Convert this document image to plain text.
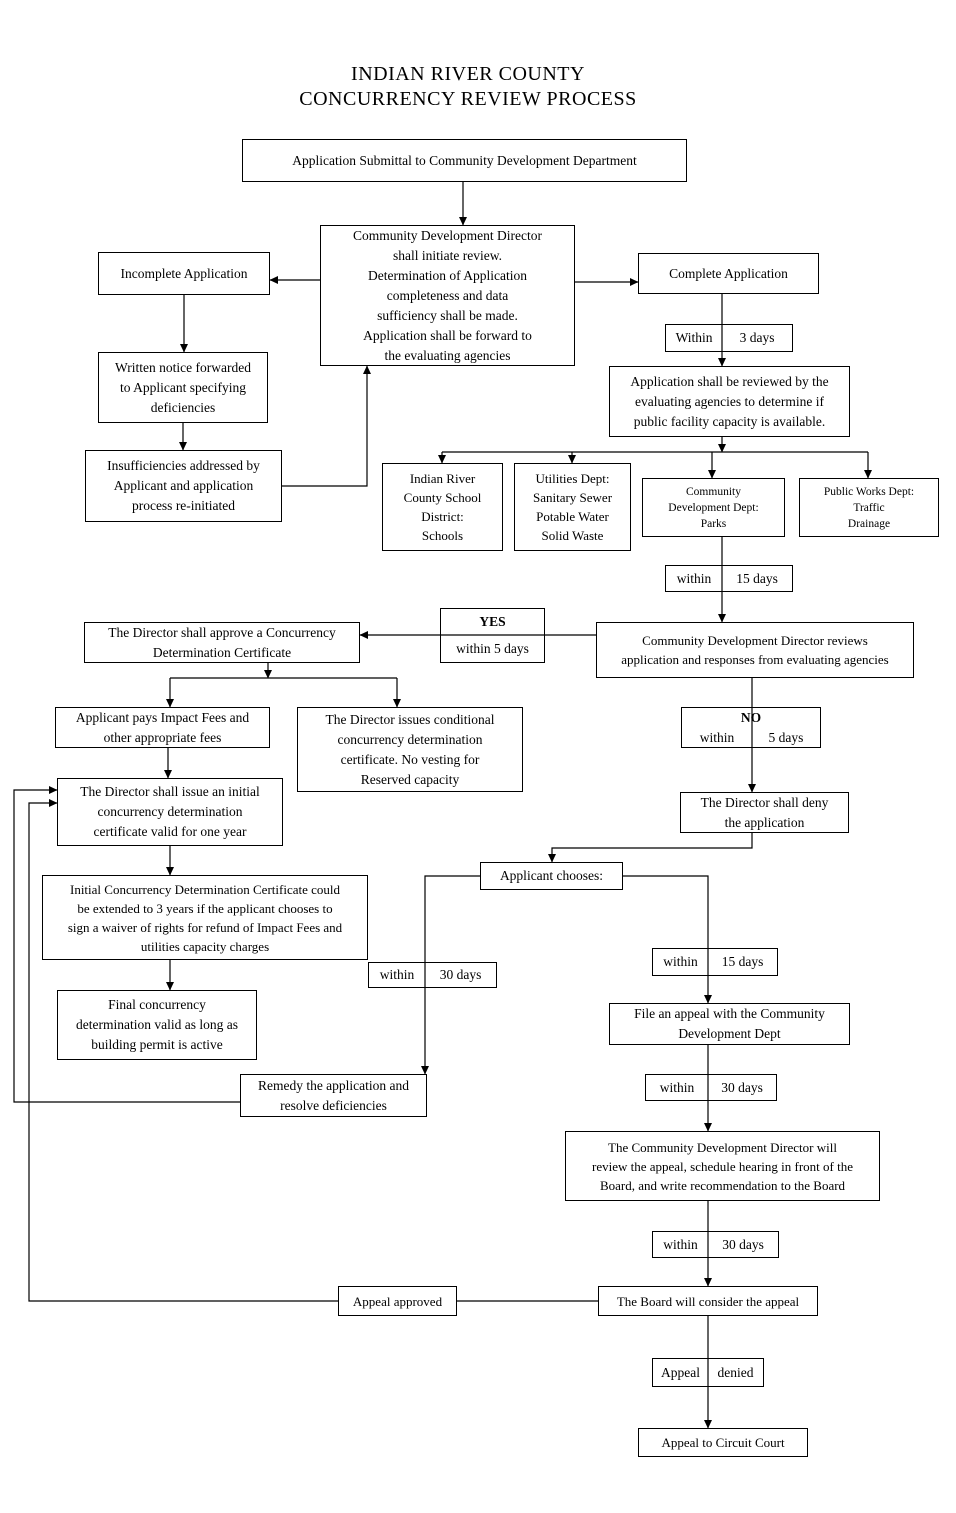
INDIAN RIVER COUNTY
CONCURRENCY REVIEW PROCESS
Application Submittal to Community Development Department
Community Development Director
shall initiate review.
Determination of Application
completeness and data
sufficiency shall be made.
Application shall be forward to
the evaluating agencies
Incomplete Application	Complete Application
Within	3 days
Written notice forwarded
to Applicant specifying
deficiencies
Application shall be reviewed by the
evaluating agencies to determine if
public facility capacity is available.
Insufficiencies addressed by
Applicant and application
process re-initiated
Indian River
County School
District:
Schools
Utilities Dept:
Sanitary Sewer
Potable Water
Solid Waste
Community
Development Dept:
Parks
Public Works Dept:
Traffic
Drainage
within	15 days
YES
within 5 days
The Director shall approve a Concurrency
Determination Certificate
Community Development Director reviews
application and responses from evaluating agencies
NO
within	5 days
Applicant pays Impact Fees and
other appropriate fees
The Director issues conditional
concurrency determination
certificate. No vesting for
Reserved capacity
The Director shall issue an initial
concurrency determination
certificate valid for one year
The Director shall deny
the application
Applicant chooses:
Initial Concurrency Determination Certificate could
be extended to 3 years if the applicant chooses to
sign a waiver of rights for refund of Impact Fees and
utilities capacity charges
within	15 days
within	30 days
Final concurrency
determination valid as long as
building permit is active
File an appeal with the Community
Development Dept
Remedy the application and
resolve deficiencies
within	30 days
The Community Development Director will
review the appeal, schedule hearing in front of the
Board, and write recommendation to the Board
within	30 days
The Board will consider the appeal
Appeal approved
Appeal	denied
Appeal to Circuit Court
